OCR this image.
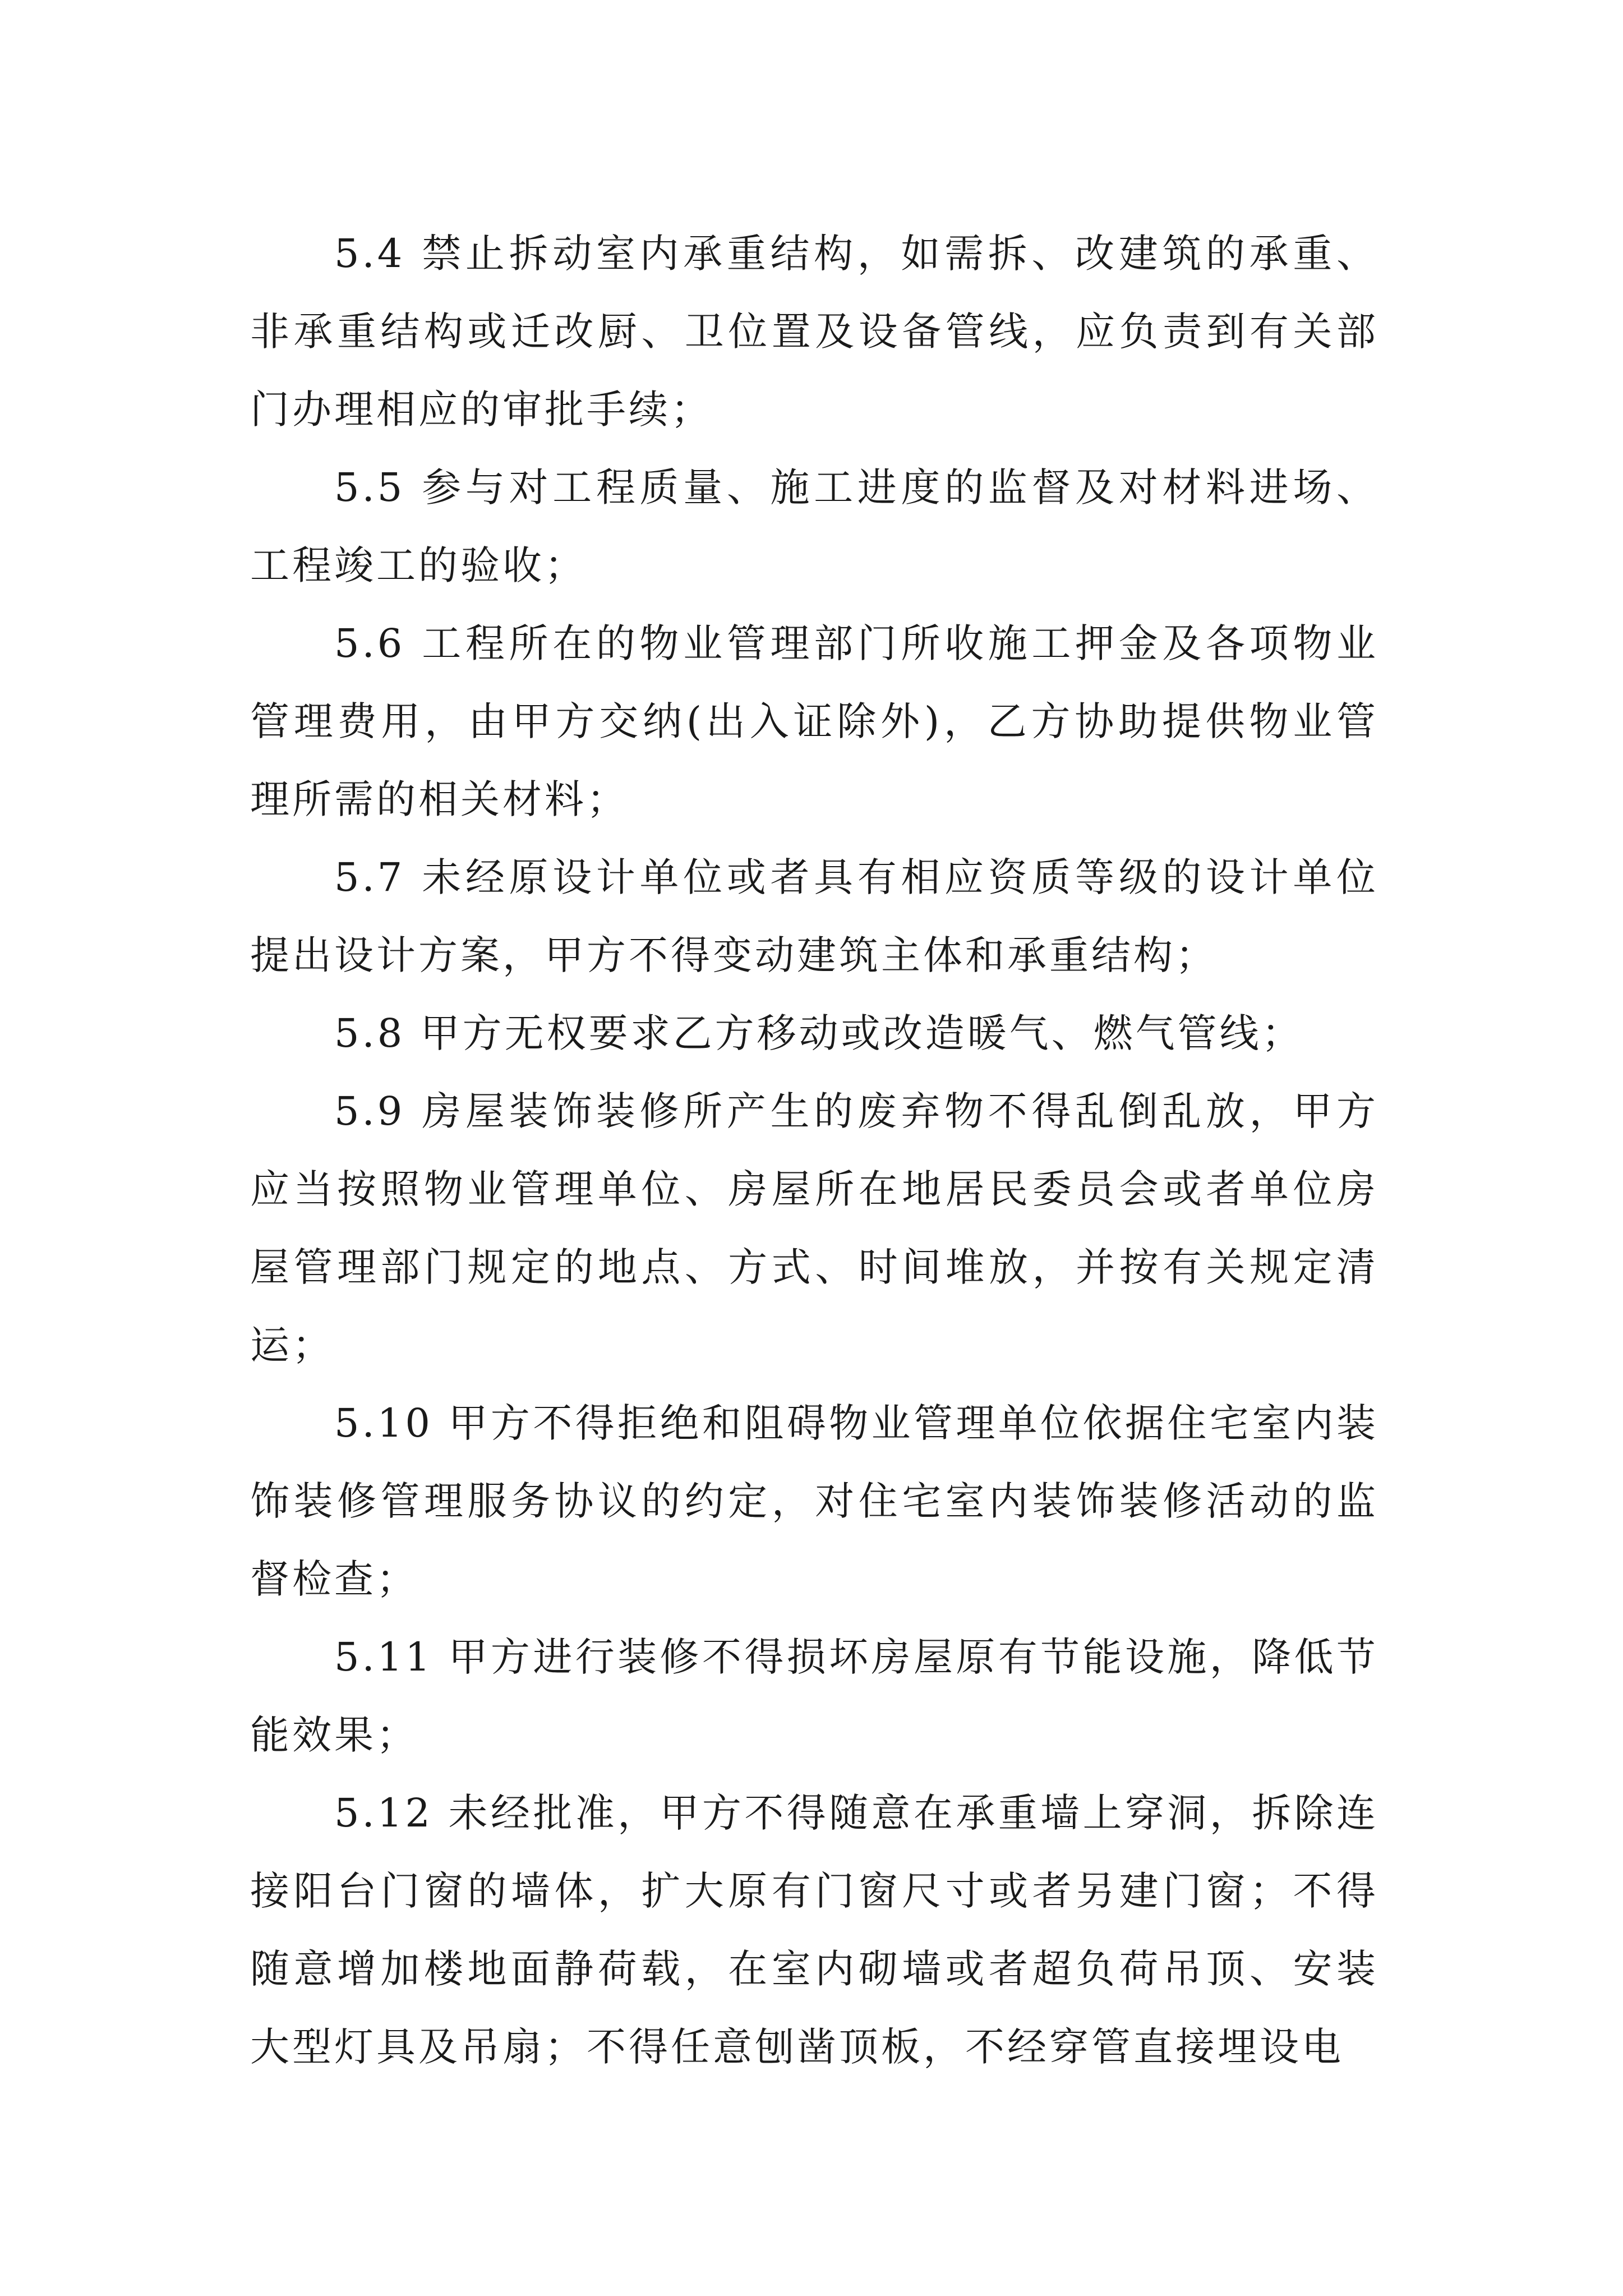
5.4 禁止拆动室内承重结构，如需拆、改建筑的承重、非承重结构或迁改厨、卫位置及设备管线，应负责到有关部门办理相应的审批手续；

5.5 参与对工程质量、施工进度的监督及对材料进场、工程竣工的验收；

5.6 工程所在的物业管理部门所收施工押金及各项物业管理费用，由甲方交纳(出入证除外)，乙方协助提供物业管理所需的相关材料；

5.7 未经原设计单位或者具有相应资质等级的设计单位提出设计方案，甲方不得变动建筑主体和承重结构；

5.8 甲方无权要求乙方移动或改造暖气、燃气管线；

5.9 房屋装饰装修所产生的废弃物不得乱倒乱放，甲方应当按照物业管理单位、房屋所在地居民委员会或者单位房屋管理部门规定的地点、方式、时间堆放，并按有关规定清运；

5.10 甲方不得拒绝和阻碍物业管理单位依据住宅室内装饰装修管理服务协议的约定，对住宅室内装饰装修活动的监督检查；

5.11 甲方进行装修不得损坏房屋原有节能设施，降低节能效果；

5.12 未经批准，甲方不得随意在承重墙上穿洞，拆除连接阳台门窗的墙体，扩大原有门窗尺寸或者另建门窗；不得随意增加楼地面静荷载，在室内砌墙或者超负荷吊顶、安装大型灯具及吊扇；不得任意刨凿顶板，不经穿管直接埋设电
